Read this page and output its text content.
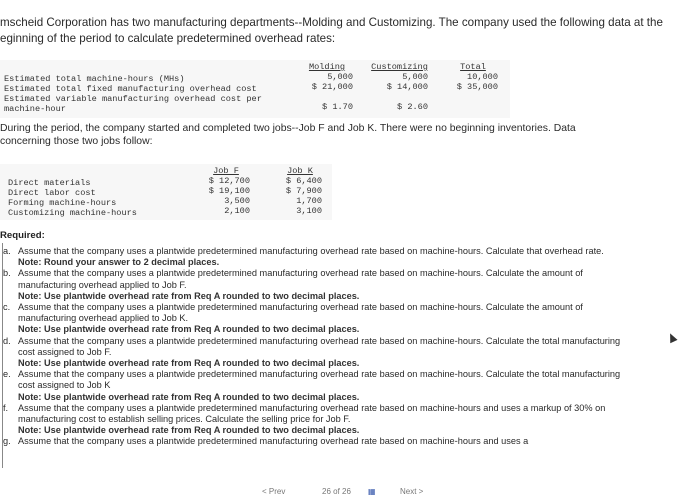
mscheid Corporation has two manufacturing departments--Molding and Customizing. The company used the following data at the
eginning of the period to calculate predetermined overhead rates:
Molding	Customizing	Total
Estimated total machine-hours (MHs)	5,000	5,000	10,000
Estimated total fixed manufacturing overhead cost	$ 21,000	$ 14,000	$ 35,000
Estimated variable manufacturing overhead cost per
machine-hour	$ 1.70	$ 2.60
During the period, the company started and completed two jobs--Job F and Job K. There were no beginning inventories. Data
concerning those two jobs follow:
Job F	Job K
Direct materials	$ 12,700	$ 6,400
Direct labor cost	$ 19,100	$ 7,900
Forming machine-hours	3,500	1,700
Customizing machine-hours	2,100	3,100
Required:
a. Assume that the company uses a plantwide predetermined manufacturing overhead rate based on machine-hours. Calculate that overhead rate.
Note: Round your answer to 2 decimal places.
b. Assume that the company uses a plantwide predetermined manufacturing overhead rate based on machine-hours. Calculate the amount of manufacturing overhead applied to Job F.
Note: Use plantwide overhead rate from Req A rounded to two decimal places.
c. Assume that the company uses a plantwide predetermined manufacturing overhead rate based on machine-hours. Calculate the amount of manufacturing overhead applied to Job K.
Note: Use plantwide overhead rate from Req A rounded to two decimal places.
d. Assume that the company uses a plantwide predetermined manufacturing overhead rate based on machine-hours. Calculate the total manufacturing cost assigned to Job F.
Note: Use plantwide overhead rate from Req A rounded to two decimal places.
e. Assume that the company uses a plantwide predetermined manufacturing overhead rate based on machine-hours. Calculate the total manufacturing cost assigned to Job K
Note: Use plantwide overhead rate from Req A rounded to two decimal places.
f. Assume that the company uses a plantwide predetermined manufacturing overhead rate based on machine-hours and uses a markup of 30% on manufacturing cost to establish selling prices. Calculate the selling price for Job F.
Note: Use plantwide overhead rate from Req A rounded to two decimal places.
g. Assume that the company uses a plantwide predetermined manufacturing overhead rate based on machine-hours and uses a
< Prev	26 of 26 ▦	Next >
